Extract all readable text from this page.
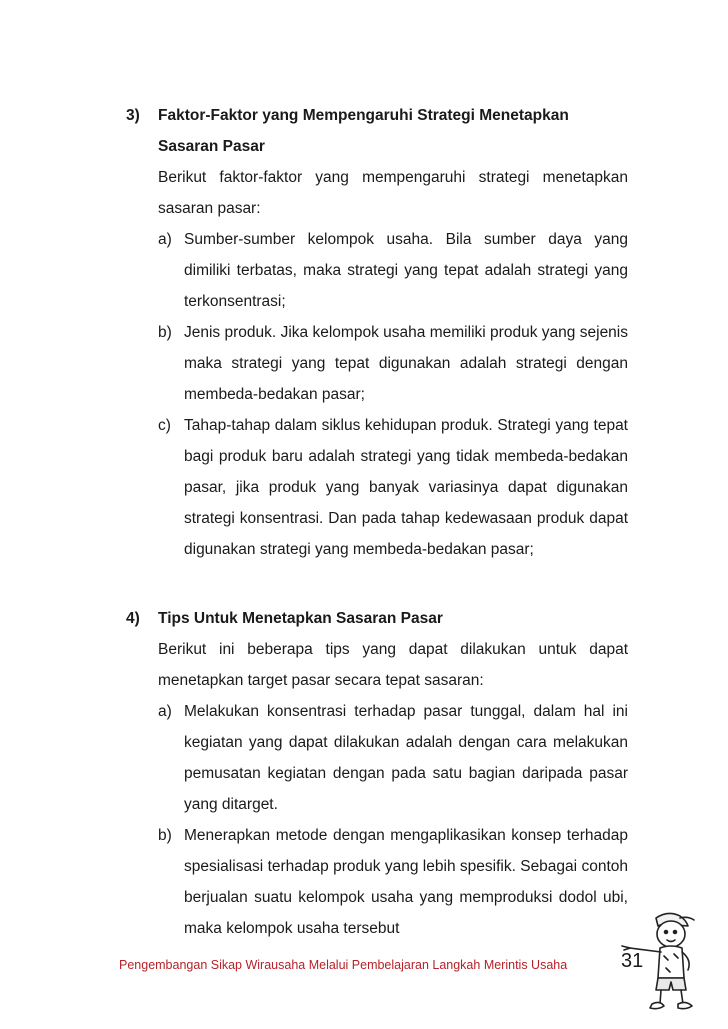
3) Faktor-Faktor yang Mempengaruhi Strategi Menetapkan
Sasaran Pasar
Berikut faktor-faktor yang mempengaruhi strategi menetapkan sasaran pasar:
a) Sumber-sumber kelompok usaha. Bila sumber daya yang dimiliki terbatas, maka strategi yang tepat adalah strategi yang terkonsentrasi;
b) Jenis produk. Jika kelompok usaha memiliki produk yang sejenis maka strategi yang tepat digunakan adalah strategi dengan membeda-bedakan pasar;
c) Tahap-tahap dalam siklus kehidupan produk. Strategi yang tepat bagi produk baru adalah strategi yang tidak membeda-bedakan pasar, jika produk yang banyak variasinya dapat digunakan strategi konsentrasi. Dan pada tahap kedewasaan produk dapat digunakan strategi yang membeda-bedakan pasar;
4) Tips Untuk Menetapkan Sasaran Pasar
Berikut ini beberapa tips yang dapat dilakukan untuk dapat menetapkan target pasar secara tepat sasaran:
a) Melakukan konsentrasi terhadap pasar tunggal, dalam hal ini kegiatan yang dapat dilakukan adalah dengan cara melakukan pemusatan kegiatan dengan pada satu bagian daripada pasar yang ditarget.
b) Menerapkan metode dengan mengaplikasikan konsep terhadap spesialisasi terhadap produk yang lebih spesifik. Sebagai contoh berjualan suatu kelompok usaha yang memproduksi dodol ubi, maka kelompok usaha tersebut
Pengembangan Sikap Wirausaha Melalui Pembelajaran Langkah Merintis Usaha	31
